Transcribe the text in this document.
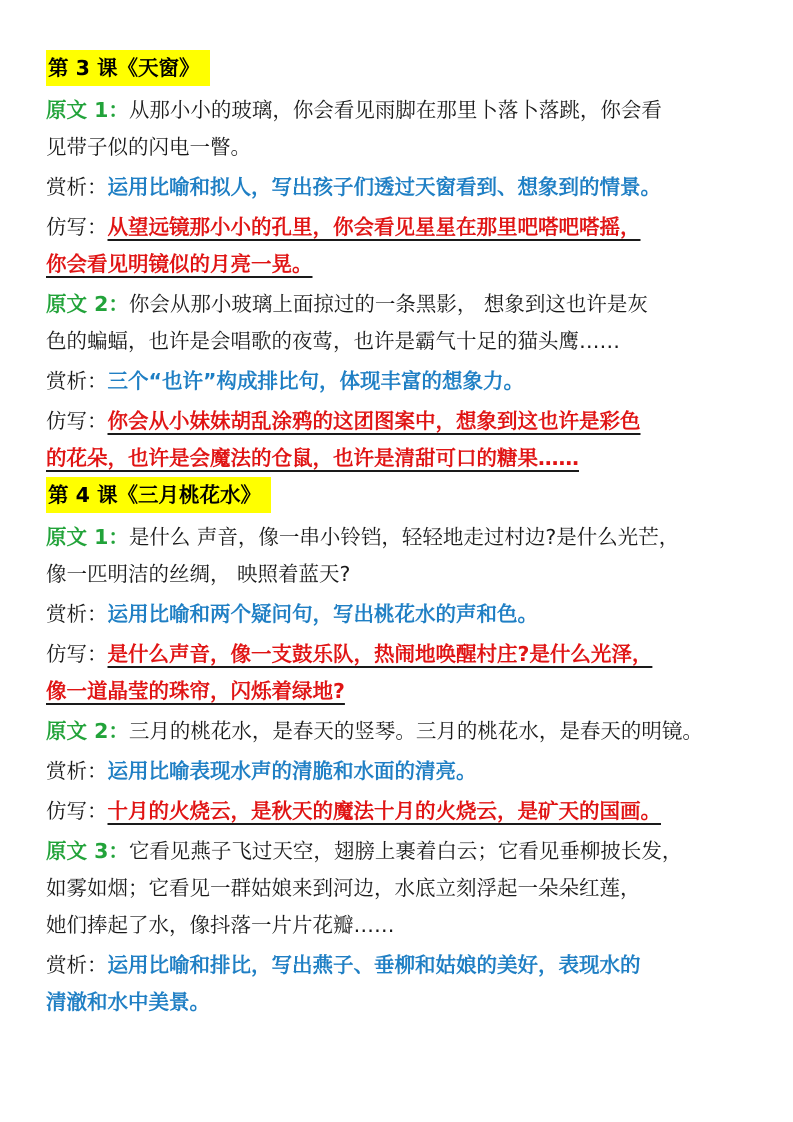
第 3 课《天窗》
原文 1：从那小小的玻璃，你会看见雨脚在那里卜落卜落跳，你会看
见带子似的闪电一瞥。
赏析：运用比喻和拟人，写出孩子们透过天窗看到、想象到的情景。
仿写：从望远镜那小小的孔里，你会看见星星在那里吧嗒吧嗒摇，
你会看见明镜似的月亮一晃。
原文 2：你会从那小玻璃上面掠过的一条黑影， 想象到这也许是灰
色的蝙蝠，也许是会唱歌的夜莺，也许是霸气十足的猫头鹰……
赏析：三个“也许”构成排比句，体现丰富的想象力。
仿写：你会从小妹妹胡乱涂鸦的这团图案中，想象到这也许是彩色
的花朵，也许是会魔法的仓鼠，也许是清甜可口的糖果……
第 4 课《三月桃花水》
原文 1：是什么 声音，像一串小铃铛，轻轻地走过村边?是什么光芒，
像一匹明洁的丝绸， 映照着蓝天?
赏析：运用比喻和两个疑问句，写出桃花水的声和色。
仿写：是什么声音，像一支鼓乐队，热闹地唤醒村庄?是什么光泽，
像一道晶莹的珠帘，闪烁着绿地?
原文 2：三月的桃花水，是春天的竖琴。三月的桃花水，是春天的明镜。
赏析：运用比喻表现水声的清脆和水面的清亮。
仿写：十月的火烧云，是秋天的魔法十月的火烧云，是矿天的国画。
原文 3：它看见燕子飞过天空，翅膀上裹着白云；它看见垂柳披长发，
如雾如烟；它看见一群姑娘来到河边，水底立刻浮起一朵朵红莲，
她们捧起了水，像抖落一片片花瓣……
赏析：运用比喻和排比，写出燕子、垂柳和姑娘的美好，表现水的
清澈和水中美景。
